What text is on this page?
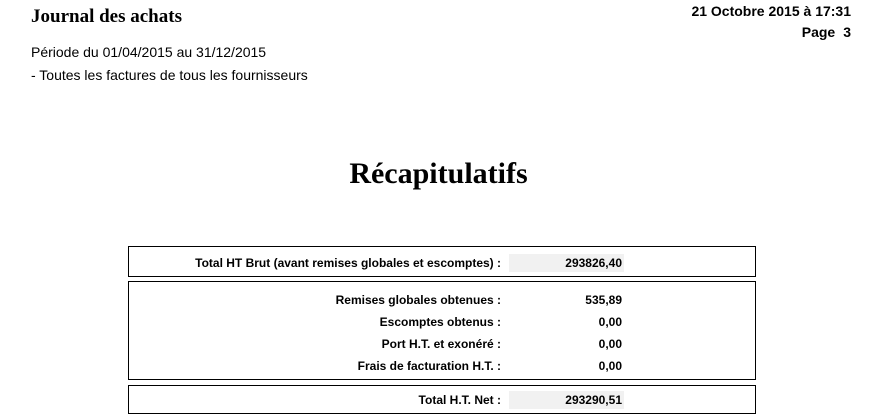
Journal des achats	21 Octobre 2015 à 17:31
Page 3
Période du 01/04/2015 au 31/12/2015
- Toutes les factures de tous les fournisseurs
Récapitulatifs
Total HT Brut (avant remises globales et escomptes) :	293826,40
Remises globales obtenues :	535,89
Escomptes obtenus :	0,00
Port H.T. et exonéré :	0,00
Frais de facturation H.T. :	0,00
Total H.T. Net :	293290,51
